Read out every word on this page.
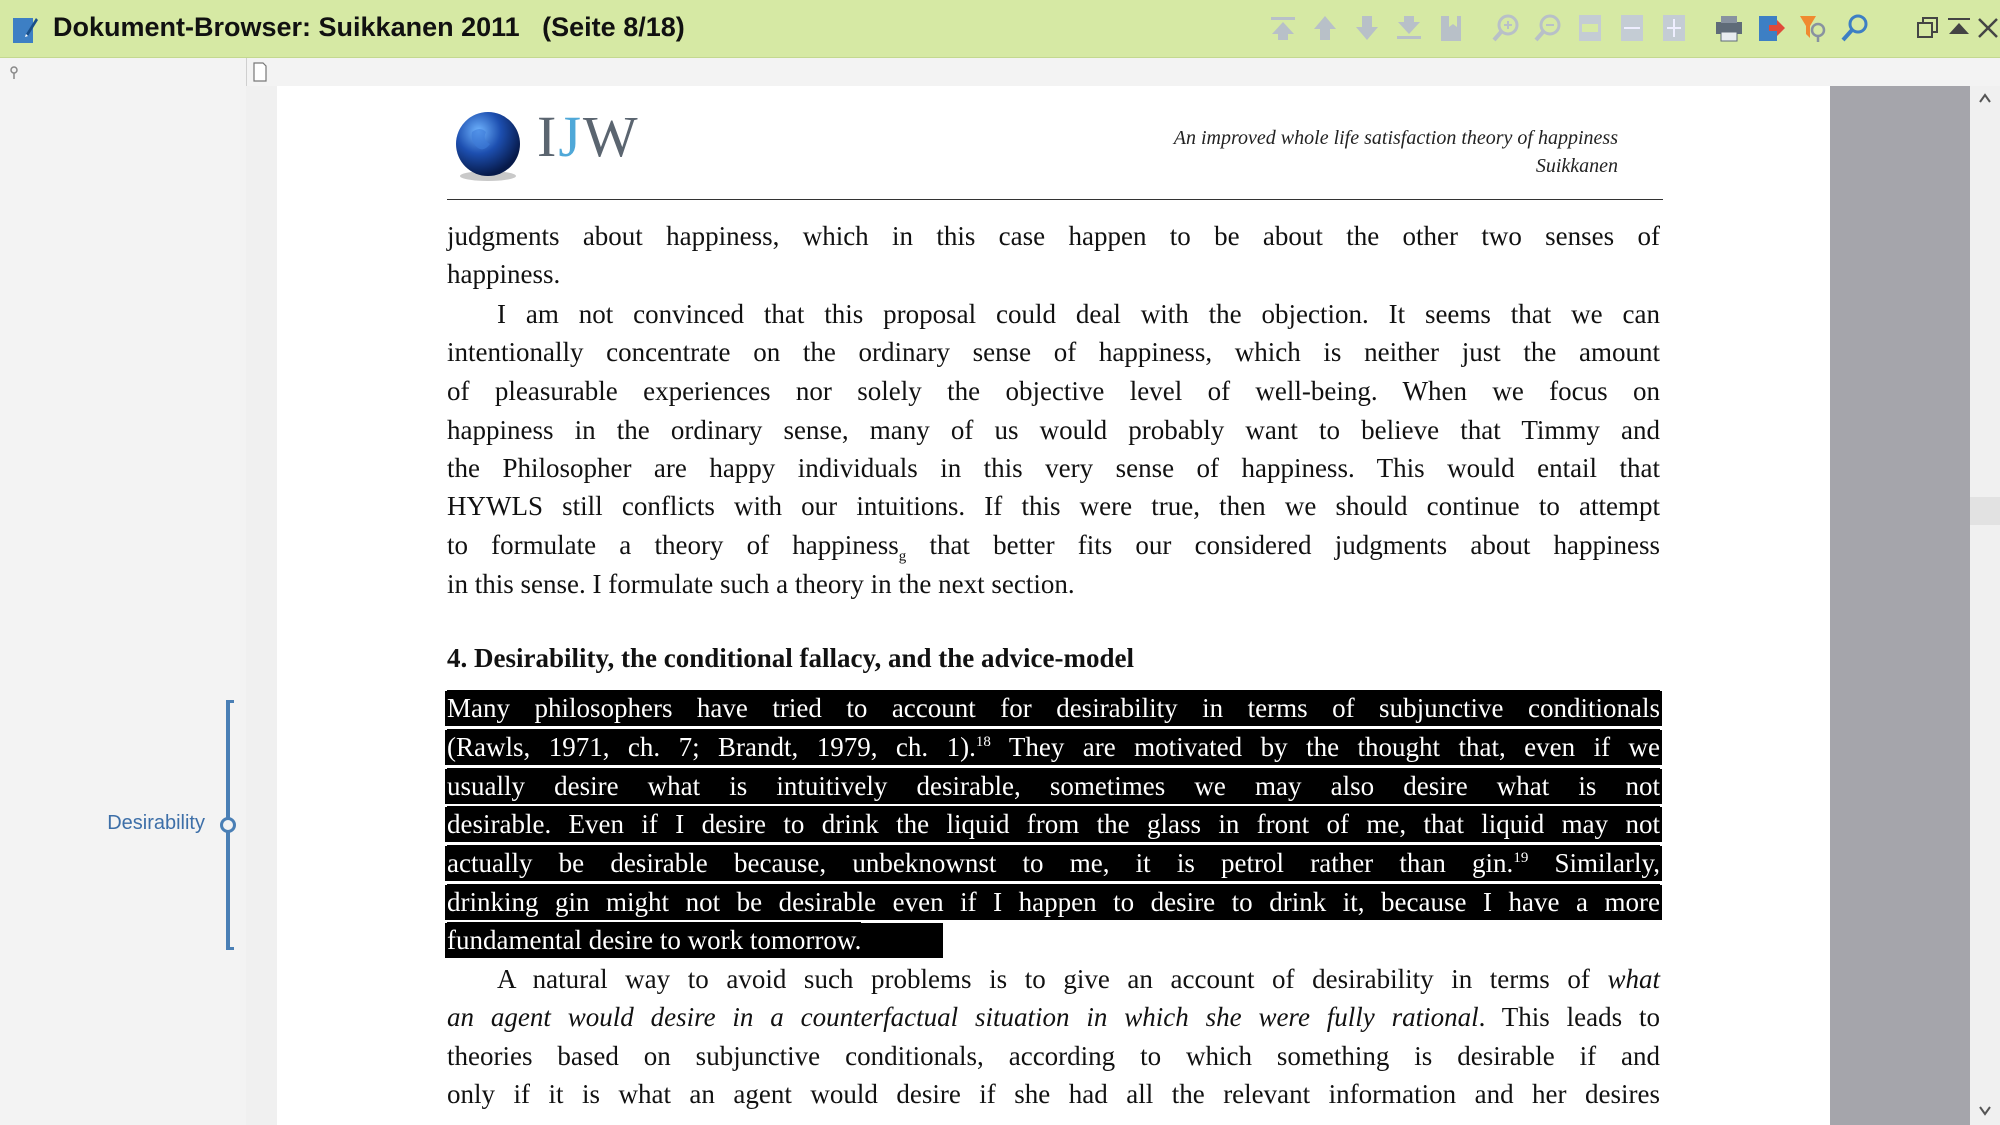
Dokument-Browser: Suikkanen 2011   (Seite 8/18)
Desirability
IJW	An improved whole life satisfaction theory of happiness
Suikkanen
judgments about happiness, which in this case happen to be about the other two senses of
happiness.
I am not convinced that this proposal could deal with the objection. It seems that we can
intentionally concentrate on the ordinary sense of happiness, which is neither just the amount
of pleasurable experiences nor solely the objective level of well-being. When we focus on
happiness in the ordinary sense, many of us would probably want to believe that Timmy and
the Philosopher are happy individuals in this very sense of happiness. This would entail that
HYWLS still conflicts with our intuitions. If this were true, then we should continue to attempt
to formulate a theory of happiness$_g$ that better fits our considered judgments about happiness
in this sense. I formulate such a theory in the next section.
4. Desirability, the conditional fallacy, and the advice-model
Many philosophers have tried to account for desirability in terms of subjunctive conditionals
(Rawls, 1971, ch. 7; Brandt, 1979, ch. 1).$^{18}$ They are motivated by the thought that, even if we
usually desire what is intuitively desirable, sometimes we may also desire what is not
desirable. Even if I desire to drink the liquid from the glass in front of me, that liquid may not
actually be desirable because, unbeknownst to me, it is petrol rather than gin.$^{19}$ Similarly,
drinking gin might not be desirable even if I happen to desire to drink it, because I have a more
fundamental desire to work tomorrow.
A natural way to avoid such problems is to give an account of desirability in terms of what
an agent would desire in a counterfactual situation in which she were fully rational. This leads to
theories based on subjunctive conditionals, according to which something is desirable if and
only if it is what an agent would desire if she had all the relevant information and her desires
